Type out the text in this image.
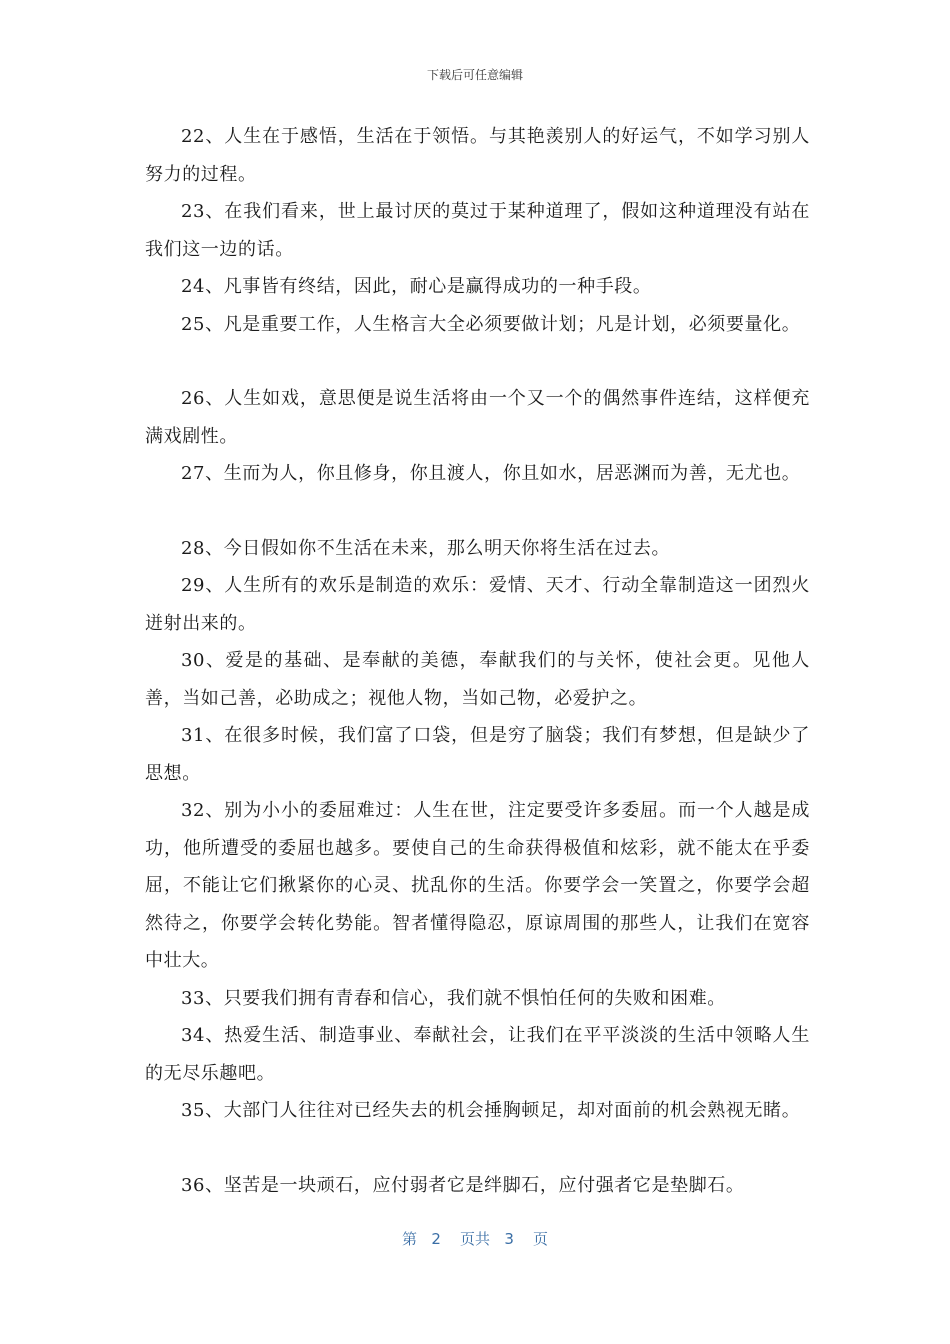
下载后可任意编辑

22、人生在于感悟，生活在于领悟。与其艳羡别人的好运气，不如学习别人努力的过程。

23、在我们看来，世上最讨厌的莫过于某种道理了，假如这种道理没有站在我们这一边的话。

24、凡事皆有终结，因此，耐心是赢得成功的一种手段。

25、凡是重要工作，人生格言大全必须要做计划；凡是计划，必须要量化。

26、人生如戏，意思便是说生活将由一个又一个的偶然事件连结，这样便充满戏剧性。

27、生而为人，你且修身，你且渡人，你且如水，居恶渊而为善，无尤也。

28、今日假如你不生活在未来，那么明天你将生活在过去。

29、人生所有的欢乐是制造的欢乐：爱情、天才、行动全靠制造这一团烈火迸射出来的。

30、爱是的基础、是奉献的美德，奉献我们的与关怀，使社会更。见他人善，当如己善，必助成之；视他人物，当如己物，必爱护之。

31、在很多时候，我们富了口袋，但是穷了脑袋；我们有梦想，但是缺少了思想。

32、别为小小的委屈难过：人生在世，注定要受许多委屈。而一个人越是成功，他所遭受的委屈也越多。要使自己的生命获得极值和炫彩，就不能太在乎委屈，不能让它们揪紧你的心灵、扰乱你的生活。你要学会一笑置之，你要学会超然待之，你要学会转化势能。智者懂得隐忍，原谅周围的那些人，让我们在宽容中壮大。

33、只要我们拥有青春和信心，我们就不惧怕任何的失败和困难。

34、热爱生活、制造事业、奉献社会，让我们在平平淡淡的生活中领略人生的无尽乐趣吧。

35、大部门人往往对已经失去的机会捶胸顿足，却对面前的机会熟视无睹。

36、坚苦是一块顽石，应付弱者它是绊脚石，应付强者它是垫脚石。

第 2 页共 3 页
